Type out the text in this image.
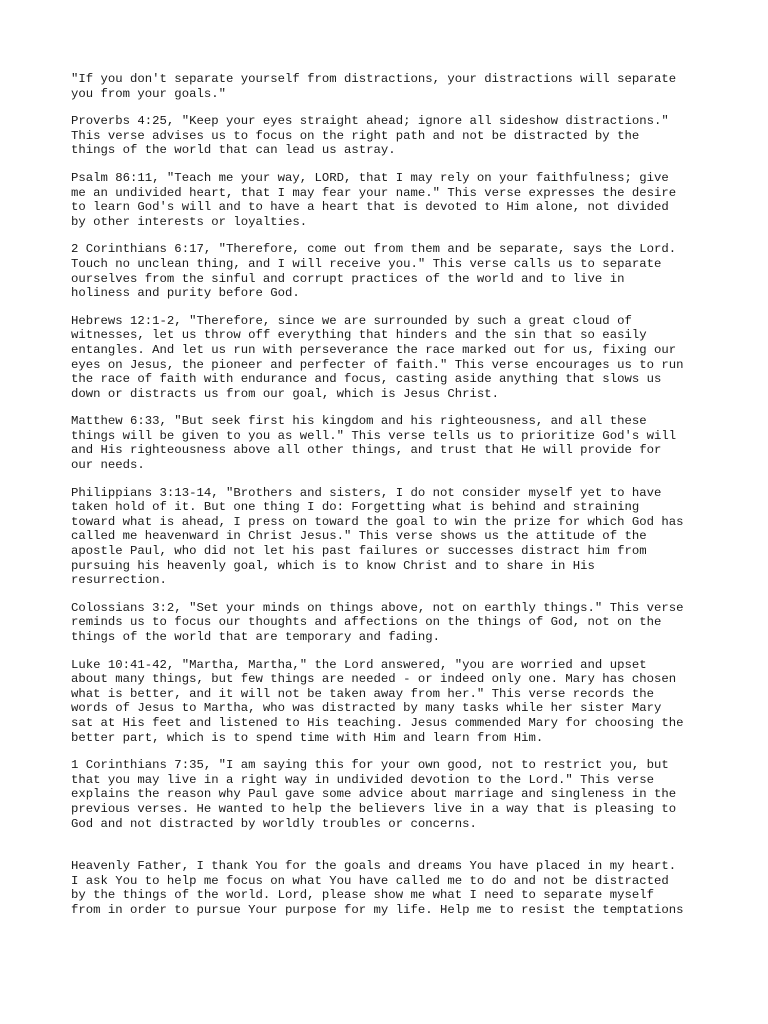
"If you don't separate yourself from distractions, your distractions will separate
you from your goals."

Proverbs 4:25, "Keep your eyes straight ahead; ignore all sideshow distractions."
This verse advises us to focus on the right path and not be distracted by the
things of the world that can lead us astray.

Psalm 86:11, "Teach me your way, LORD, that I may rely on your faithfulness; give
me an undivided heart, that I may fear your name." This verse expresses the desire
to learn God's will and to have a heart that is devoted to Him alone, not divided
by other interests or loyalties.

2 Corinthians 6:17, "Therefore, come out from them and be separate, says the Lord.
Touch no unclean thing, and I will receive you." This verse calls us to separate
ourselves from the sinful and corrupt practices of the world and to live in
holiness and purity before God.

Hebrews 12:1-2, "Therefore, since we are surrounded by such a great cloud of
witnesses, let us throw off everything that hinders and the sin that so easily
entangles. And let us run with perseverance the race marked out for us, fixing our
eyes on Jesus, the pioneer and perfecter of faith." This verse encourages us to run
the race of faith with endurance and focus, casting aside anything that slows us
down or distracts us from our goal, which is Jesus Christ.

Matthew 6:33, "But seek first his kingdom and his righteousness, and all these
things will be given to you as well." This verse tells us to prioritize God's will
and His righteousness above all other things, and trust that He will provide for
our needs.

Philippians 3:13-14, "Brothers and sisters, I do not consider myself yet to have
taken hold of it. But one thing I do: Forgetting what is behind and straining
toward what is ahead, I press on toward the goal to win the prize for which God has
called me heavenward in Christ Jesus." This verse shows us the attitude of the
apostle Paul, who did not let his past failures or successes distract him from
pursuing his heavenly goal, which is to know Christ and to share in His
resurrection.

Colossians 3:2, "Set your minds on things above, not on earthly things." This verse
reminds us to focus our thoughts and affections on the things of God, not on the
things of the world that are temporary and fading.

Luke 10:41-42, "Martha, Martha," the Lord answered, "you are worried and upset
about many things, but few things are needed - or indeed only one. Mary has chosen
what is better, and it will not be taken away from her." This verse records the
words of Jesus to Martha, who was distracted by many tasks while her sister Mary
sat at His feet and listened to His teaching. Jesus commended Mary for choosing the
better part, which is to spend time with Him and learn from Him.

1 Corinthians 7:35, "I am saying this for your own good, not to restrict you, but
that you may live in a right way in undivided devotion to the Lord." This verse
explains the reason why Paul gave some advice about marriage and singleness in the
previous verses. He wanted to help the believers live in a way that is pleasing to
God and not distracted by worldly troubles or concerns.

Heavenly Father, I thank You for the goals and dreams You have placed in my heart.
I ask You to help me focus on what You have called me to do and not be distracted
by the things of the world. Lord, please show me what I need to separate myself
from in order to pursue Your purpose for my life. Help me to resist the temptations
